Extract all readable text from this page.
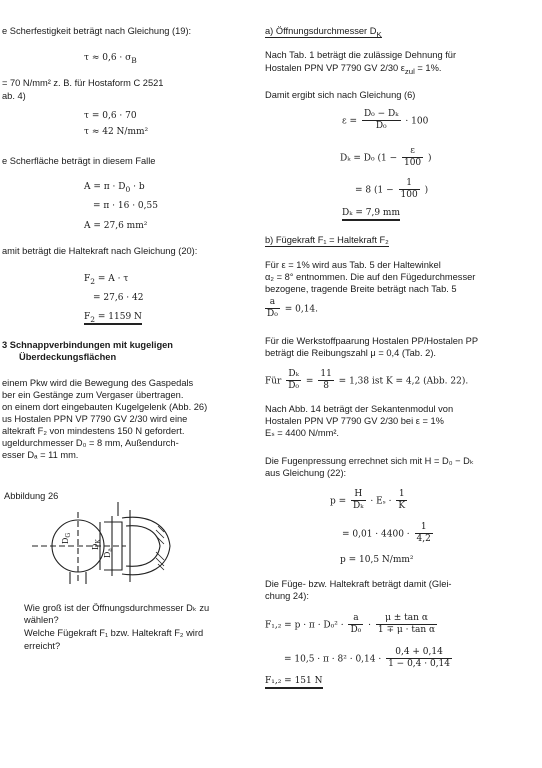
e Scherfestigkeit beträgt nach Gleichung (19):
$\tau \approx 0,6 \cdot \sigma_B$
= 70 N/mm² z. B. für Hostaform C 2521
ab. 4)
τ = 0,6 · 70
τ ≈ 42 N/mm²
e Scherfläche beträgt in diesem Falle
$A = \pi \cdot D_0 \cdot b$
= π · 16 · 0,55
A = 27,6 mm²
amit beträgt die Haltekraft nach Gleichung (20):
$F_2 = A \cdot \tau$
= 27,6 · 42
$F_2 = 1159$ N
3 Schnappverbindungen mit kugeligen
Überdeckungsflächen
einem Pkw wird die Bewegung des Gaspedals
ber ein Gestänge zum Vergaser übertragen.
on einem dort eingebauten Kugelgelenk (Abb. 26)
us Hostalen PPN VP 7790 GV 2/30 wird eine
altekraft F₂ von mindestens 150 N gefordert.
ugeldurchmesser D₀ = 8 mm, Außendurch-
esser Dₐ = 11 mm.
Abbildung 26
$D_G$
$D_K$
$D_a$
Wie groß ist der Öffnungsdurchmesser Dₖ zu
wählen?
Welche Fügekraft F₁ bzw. Haltekraft F₂ wird
erreicht?
a) Öffnungsdurchmesser $D_K$
Nach Tab. 1 beträgt die zulässige Dehnung für
Hostalen PPN VP 7790 GV 2/30 $\varepsilon_{zul} = 1\%$.
Damit ergibt sich nach Gleichung (6)
$\varepsilon = \frac{\text{D₀ − Dₖ}}{\text{D₀}} \cdot 100$
Dₖ = D₀ ($1 - \frac{\varepsilon}{100}$ )
= 8 ($1 - \frac{1}{100}$ )
Dₖ = 7,9 mm
b) Fügekraft F₁ = Haltekraft F₂
Für ε = 1% wird aus Tab. 5 der Haltewinkel
α₂ = 8° entnommen. Die auf den Fügedurchmesser
bezogene, tragende Breite beträgt nach Tab. 5
$\frac{a}{\text{D₀}} = 0,14$.
Für die Werkstoffpaarung Hostalen PP/Hostalen PP
beträgt die Reibungszahl μ = 0,4 (Tab. 2).
Für $\frac{\text{Dₖ}}{\text{D₀}} = \frac{11}{8} = 1,38$ ist K = 4,2 (Abb. 22).
Nach Abb. 14 beträgt der Sekantenmodul von
Hostalen PPN VP 7790 GV 2/30 bei ε = 1%
Eₛ = 4400 N/mm².
Die Fugenpressung errechnet sich mit H = D₀ − Dₖ
aus Gleichung (22):
$p = \frac{H}{\text{Dₖ}} \cdot E_s \cdot \frac{1}{K}$
= $0,01 \cdot 4400 \cdot \frac{1}{4,2}$
p = 10,5 N/mm²
Die Füge- bzw. Haltekraft beträgt damit (Glei-
chung 24):
$F_1,_2 = p \cdot \pi \cdot D_0^2 \cdot \frac{a}{\text{D₀}} \cdot \frac{\text{μ ± tan α}}{\text{1 ∓ μ · tan α}}$
= $10,5 \cdot \pi \cdot 8^2 \cdot 0,14 \cdot \frac{0,4 + 0,14}{1 - 0,4 \cdot 0,14}$
F₁,₂ = 151 N
